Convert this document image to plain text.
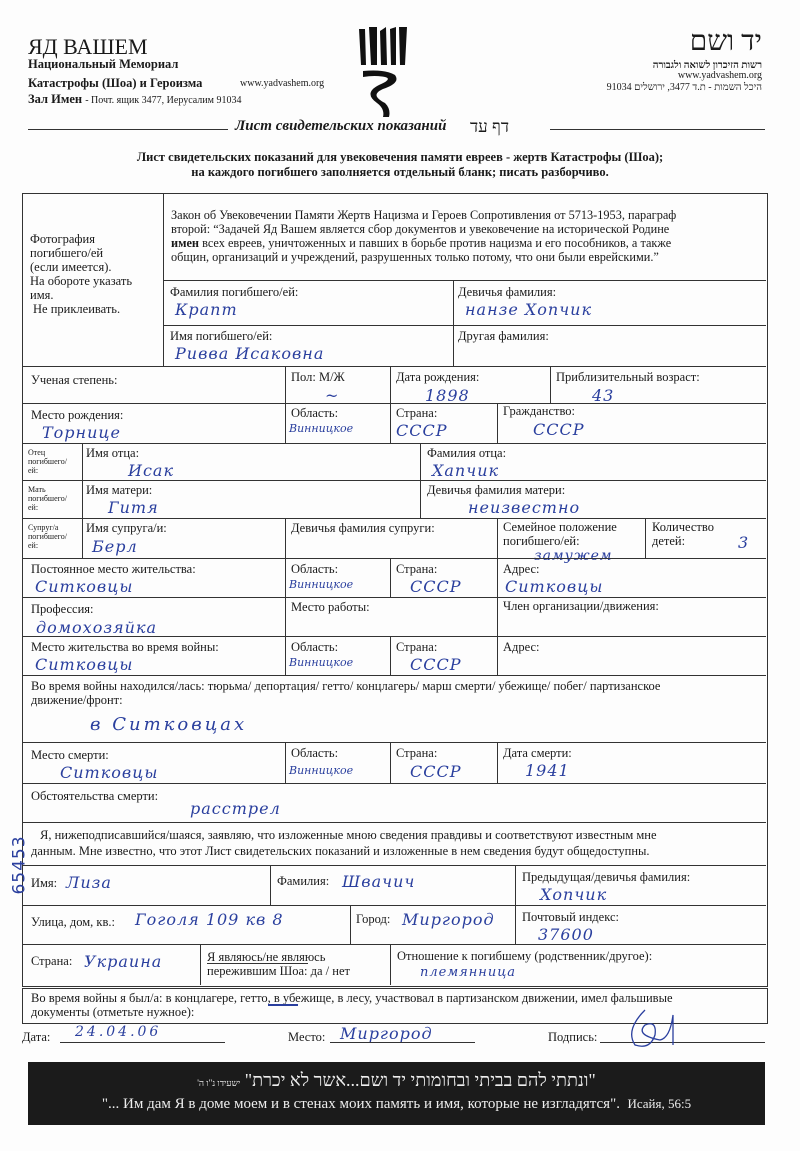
ЯД ВАШЕМ
Национальный Мемориал
Катастрофы (Шоа) и Героизма	www.yadvashem.org
Зал Имен - Почт. ящик 3477, Иерусалим 91034
יד ושם
רשות הזיכרון לשואה ולגבורה
www.yadvashem.org
היכל השמות - ת.ד 3477, ירושלים 91034
Лист свидетельских показаний דף עד
Лист свидетельских показаний для увековечения памяти евреев - жертв Катастрофы (Шоа);
на каждого погибшего заполняется отдельный бланк; писать разборчиво.
Фотография
погибшего/ей
(если имеется).
На обороте указать
имя.
Не приклеивать.
Закон об Увековечении Памяти Жертв Нацизма и Героев Сопротивления от 5713-1953, параграф
второй: “Задачей Яд Вашем является сбор документов и увековечение на исторической Родине
имен всех евреев, уничтоженных и павших в борьбе против нацизма и его пособников, а также
общин, организаций и учреждений, разрушенных только потому, что они были еврейскими.”
Фамилия погибшего/ей:
Крапт
Девичья фамилия:
нанзе Хопчик
Имя погибшего/ей:
Ривва Исаковна
Другая фамилия:
Ученая степень:	Пол: М/Ж
~
Дата рождения:
1898
Приблизительный возраст:
43
Место рождения:
Торнице
Область:
Винницкое
Страна:
СССР
Гражданство:
СССР
Отец погибшего/ ей:
Имя отца:
Исак
Фамилия отца:
Хапчик
Мать погибшего/ ей:
Имя матери:
Гитя
Девичья фамилия матери:
неизвестно
Супруг/а погибшего/ ей:
Имя супруга/и:
Берл
Девичья фамилия супруги:	Семейное положение погибшего/ей:
замужем
Количество детей:	3
Постоянное место жительства:
Ситковцы
Область:
Винницкое
Страна:
СССР
Адрес:
Ситковцы
Профессия:
домохозяйка
Место работы:	Член организации/движения:
Место жительства во время войны:
Ситковцы
Область:
Винницкое
Страна:
СССР
Адрес:
Во время войны находился/лась: тюрьма/ депортация/ гетто/ концлагерь/ марш смерти/ убежище/ побег/ партизанское
движение/фронт:
в Ситковцах
Место смерти:
Ситковцы
Область:
Винницкое
Страна:
СССР
Дата смерти:
1941
Обстоятельства смерти:
расстрел
Я, нижеподписавшийся/шаяся, заявляю, что изложенные мною сведения правдивы и соответствуют известным мне
данным. Мне известно, что этот Лист свидетельских показаний и изложенные в нем сведения будут общедоступны.
Имя: Лиза	Фамилия: Швачич	Предыдущая/девичья фамилия:
Хопчик
Улица, дом, кв.: Гоголя 109 кв 8	Город: Миргород Почтовый индекс:
37600
Страна: Украина	Я являюсь/не являюсь
пережившим Шоа: да / нет
Отношение к погибшему (родственник/другое):
племянница
Во время войны я был/а: в концлагере, гетто, в убежище, в лесу, участвовал в партизанском движении, имел фальшивые
документы (отметьте нужное):
Дата: 24.04.06	Место: Миргород	Подпись:
65453
"ונתתי להם בביתי ובחומותי יד ושם...אשר לא יכרת" ישעידו נ"ו ה'
"... Им дам Я в доме моем и в стенах моих память и имя, которые не изгладятся". Исайя, 56:5
